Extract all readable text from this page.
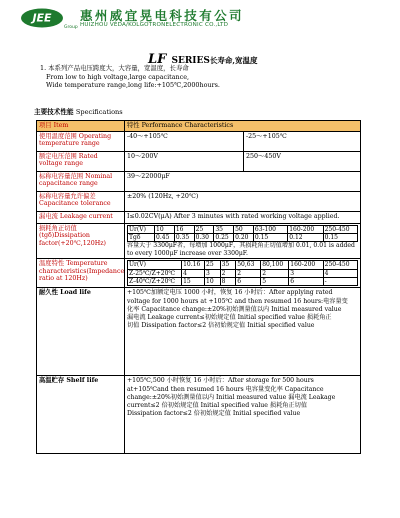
JEE
Group
惠州威宜晃电科技有公司
HUIZHOU VEDA/KOLGOTRONELECTRONIC CO.,LTD
LF SERIES长寿命,宽温度
1. 本系列产品电压跨度大，大容量，宽温度，长寿命
From low to high voltage,large capacitance,
Wide temperature range,long life:+105℃,2000hours.
主要技术性能 Specifications
项目 Item	特性 Performance Characteristics
使用温度范围 Operating temperature range	-40～+105℃	-25～+105℃
额定电压范围 Rated voltage range	10～200V	250～450V
标称电容量范围 Nominal capacitance range	39～22000μF
标称电容量允许偏差 Capacitance tolerance	±20% (120Hz, +20℃)
漏电流 Leakage current	I≤0.02CV(μA) After 3 minutes with rated working voltage applied.
损耗角正切值 (tgδ)Dissipation factor(+20℃,120Hz)	
Ur(V)	10	16	25	35	50	63-100	160-200	250-450
Tgδ	0.45	0.35	0.30	0.25	0.20	0.15	0.12	0.15
容量大于 3300μF者，每增加 1000μF，其损耗角正切值增加 0.01, 0.01 is added to every 1000μF increase over 3300μF.

温度特性 Temperature characteristics(Impedance ratio at 120Hz)	
Ur(V)	10.16	25	35	50,63	80,100	160-200	250-450
Z-25℃/Z+20℃	4	3	2	2	2	3	4
Z-40℃/Z+20℃	15	10	8	6	5	6	-

耐久性 Load life	+105℃加额定电压 1000 小时，恢复 16 小时后：After applying rated
voltage for 1000 hours at +105℃ and then resumed 16 hours:电容量变
化率 Capacitance change:±20%初始测量值以内 Initial measured value
漏电流 Leakage current≤初始规定值 Initial specified value 损耗角正
切值 Dissipation factor≤2 倍初始规定值 Initial specified value

高温贮存 Shelf life	+105℃,500 小时恢复 16 小时后：After storage for 500 hours
at+105℃and then resumed 16 hours 电容量变化率 Capacitance
change:±20%初始测量值以内 Initial measured value 漏电流 Leakage
current≤2 倍初始规定值 Initial specified value 损耗角正切值
Dissipation factor≤2 倍初始规定值 Initial specified value
